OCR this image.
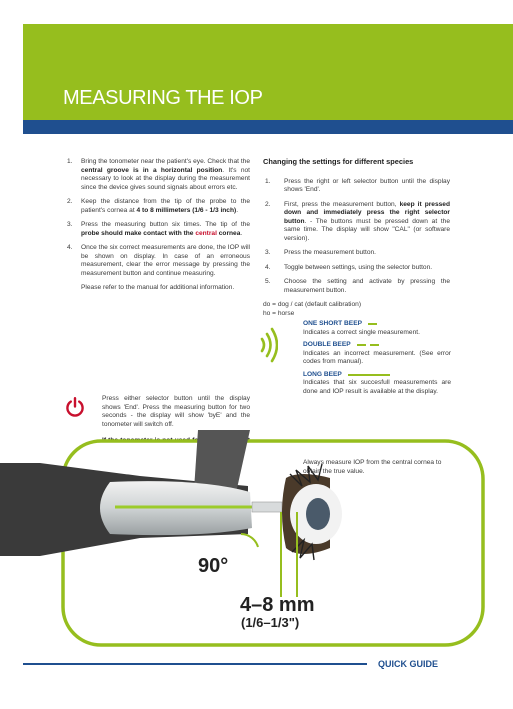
MEASURING THE IOP
1. Bring the tonometer near the patient's eye. Check that the central groove is in a horizontal position. It's not necessary to look at the display during the measurement since the device gives sound signals about errors etc.
2. Keep the distance from the tip of the probe to the patient's cornea at 4 to 8 millimeters (1/6 - 1/3 inch).
3. Press the measuring button six times. The tip of the probe should make contact with the central cornea.
4. Once the six correct measurements are done, the IOP will be shown on display. In case of an erroneous measurement, clear the error message by pressing the measurement button and continue measuring.
Please refer to the manual for additional information.
Press either selector button until the display shows 'End'. Press the measuring button for two seconds - the display will show 'byE' and the tonometer will switch off.
Changing the settings for different species
1. Press the right or left selector button until the display shows 'End'.
2. First, press the measurement button, keep it pressed down and immediately press the right selector button. - The buttons must be pressed down at the same time. The display will show "CAL" (or software version).
3. Press the measurement button.
4. Toggle between settings, using the selector button.
5. Choose the setting and activate by pressing the measurement button.
do = dog / cat (default calibration)
ho = horse
ONE SHORT BEEP
Indicates a correct single measurement.
DOUBLE BEEP
Indicates an incorrect measurement. (See error codes from manual).
LONG BEEP
Indicates that six succesfull measurements are done and IOP result is available at the display.
Always measure IOP from the central cornea to obtain the true value.
90°
4–8 mm
(1/6–1/3")
QUICK GUIDE
